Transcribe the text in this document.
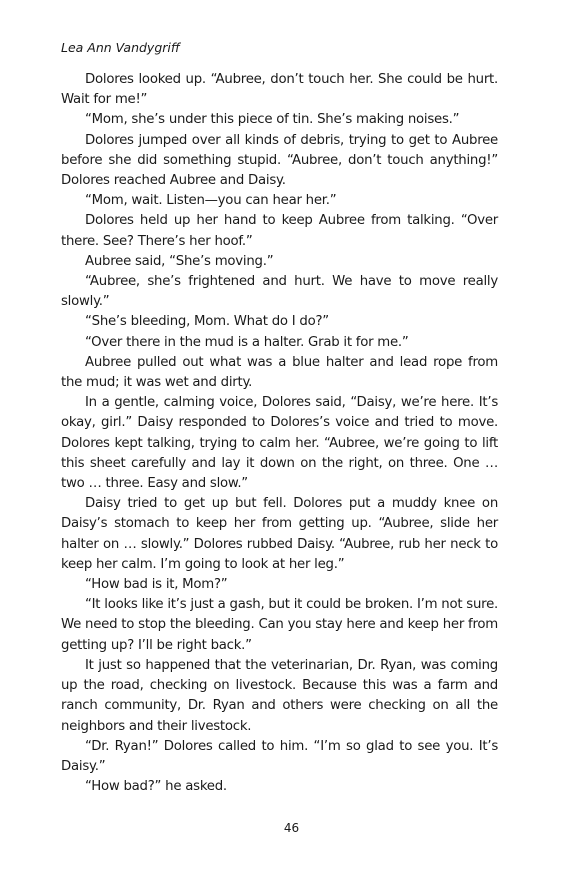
Lea Ann Vandygriff

Dolores looked up. “Aubree, don’t touch her. She could be hurt. Wait for me!”

“Mom, she’s under this piece of tin. She’s making noises.”

Dolores jumped over all kinds of debris, trying to get to Aubree before she did something stupid. “Aubree, don’t touch anything!” Dolores reached Aubree and Daisy.

“Mom, wait. Listen—you can hear her.”

Dolores held up her hand to keep Aubree from talking. “Over there. See? There’s her hoof.”

Aubree said, “She’s moving.”

“Aubree, she’s frightened and hurt. We have to move really slowly.”

“She’s bleeding, Mom. What do I do?”

“Over there in the mud is a halter. Grab it for me.”

Aubree pulled out what was a blue halter and lead rope from the mud; it was wet and dirty.

In a gentle, calming voice, Dolores said, “Daisy, we’re here. It’s okay, girl.” Daisy responded to Dolores’s voice and tried to move. Dolores kept talking, trying to calm her. “Aubree, we’re going to lift this sheet carefully and lay it down on the right, on three. One … two … three. Easy and slow.”

Daisy tried to get up but fell. Dolores put a muddy knee on Daisy’s stomach to keep her from getting up. “Aubree, slide her halter on … slowly.” Dolores rubbed Daisy. “Aubree, rub her neck to keep her calm. I’m going to look at her leg.”

“How bad is it, Mom?”

“It looks like it’s just a gash, but it could be broken. I’m not sure. We need to stop the bleeding. Can you stay here and keep her from getting up? I’ll be right back.”

It just so happened that the veterinarian, Dr. Ryan, was coming up the road, checking on livestock. Because this was a farm and ranch community, Dr. Ryan and others were checking on all the neighbors and their livestock.

“Dr. Ryan!” Dolores called to him. “I’m so glad to see you. It’s Daisy.”

“How bad?” he asked.

46
